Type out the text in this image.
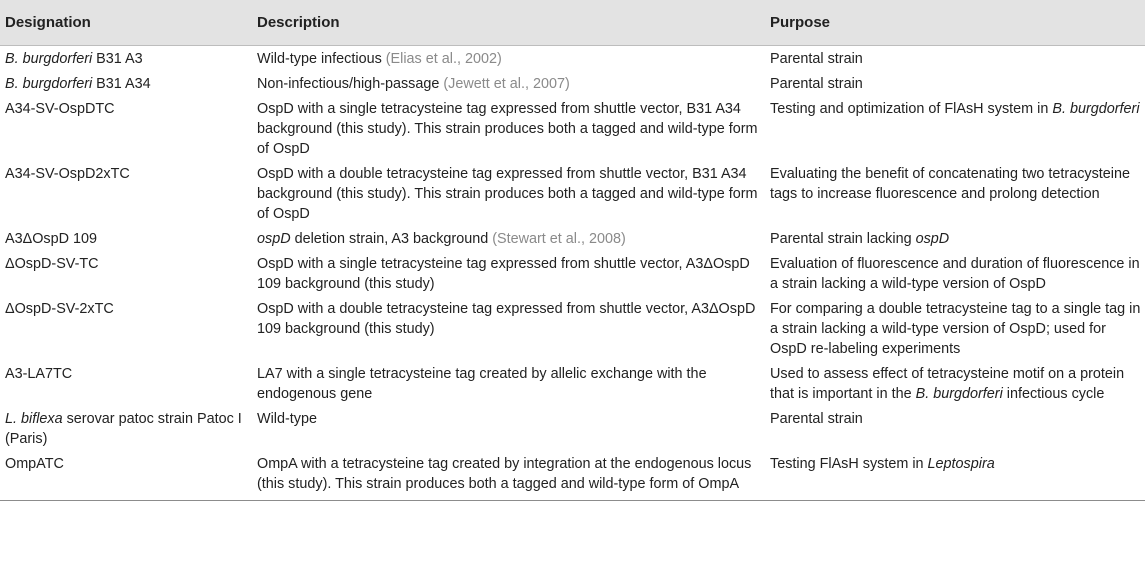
Designation	Description	Purpose
B. burgdorferi B31 A3	Wild-type infectious (Elias et al., 2002)	Parental strain
B. burgdorferi B31 A34	Non-infectious/high-passage (Jewett et al., 2007)	Parental strain
A34-SV-OspDTC	OspD with a single tetracysteine tag expressed from shuttle vector, B31 A34 background (this study). This strain produces both a tagged and wild-type form of OspD	Testing and optimization of FlAsH system in B. burgdorferi
A34-SV-OspD2xTC	OspD with a double tetracysteine tag expressed from shuttle vector, B31 A34 background (this study). This strain produces both a tagged and wild-type form of OspD	Evaluating the benefit of concatenating two tetracysteine tags to increase fluorescence and prolong detection
A3ΔOspD 109	ospD deletion strain, A3 background (Stewart et al., 2008)	Parental strain lacking ospD
ΔOspD-SV-TC	OspD with a single tetracysteine tag expressed from shuttle vector, A3ΔOspD 109 background (this study)	Evaluation of fluorescence and duration of fluorescence in a strain lacking a wild-type version of OspD
ΔOspD-SV-2xTC	OspD with a double tetracysteine tag expressed from shuttle vector, A3ΔOspD 109 background (this study)	For comparing a double tetracysteine tag to a single tag in a strain lacking a wild-type version of OspD; used for OspD re-labeling experiments
A3-LA7TC	LA7 with a single tetracysteine tag created by allelic exchange with the endogenous gene	Used to assess effect of tetracysteine motif on a protein that is important in the B. burgdorferi infectious cycle
L. biflexa serovar patoc strain Patoc I (Paris)	Wild-type	Parental strain
OmpATC	OmpA with a tetracysteine tag created by integration at the endogenous locus (this study). This strain produces both a tagged and wild-type form of OmpA	Testing FlAsH system in Leptospira
